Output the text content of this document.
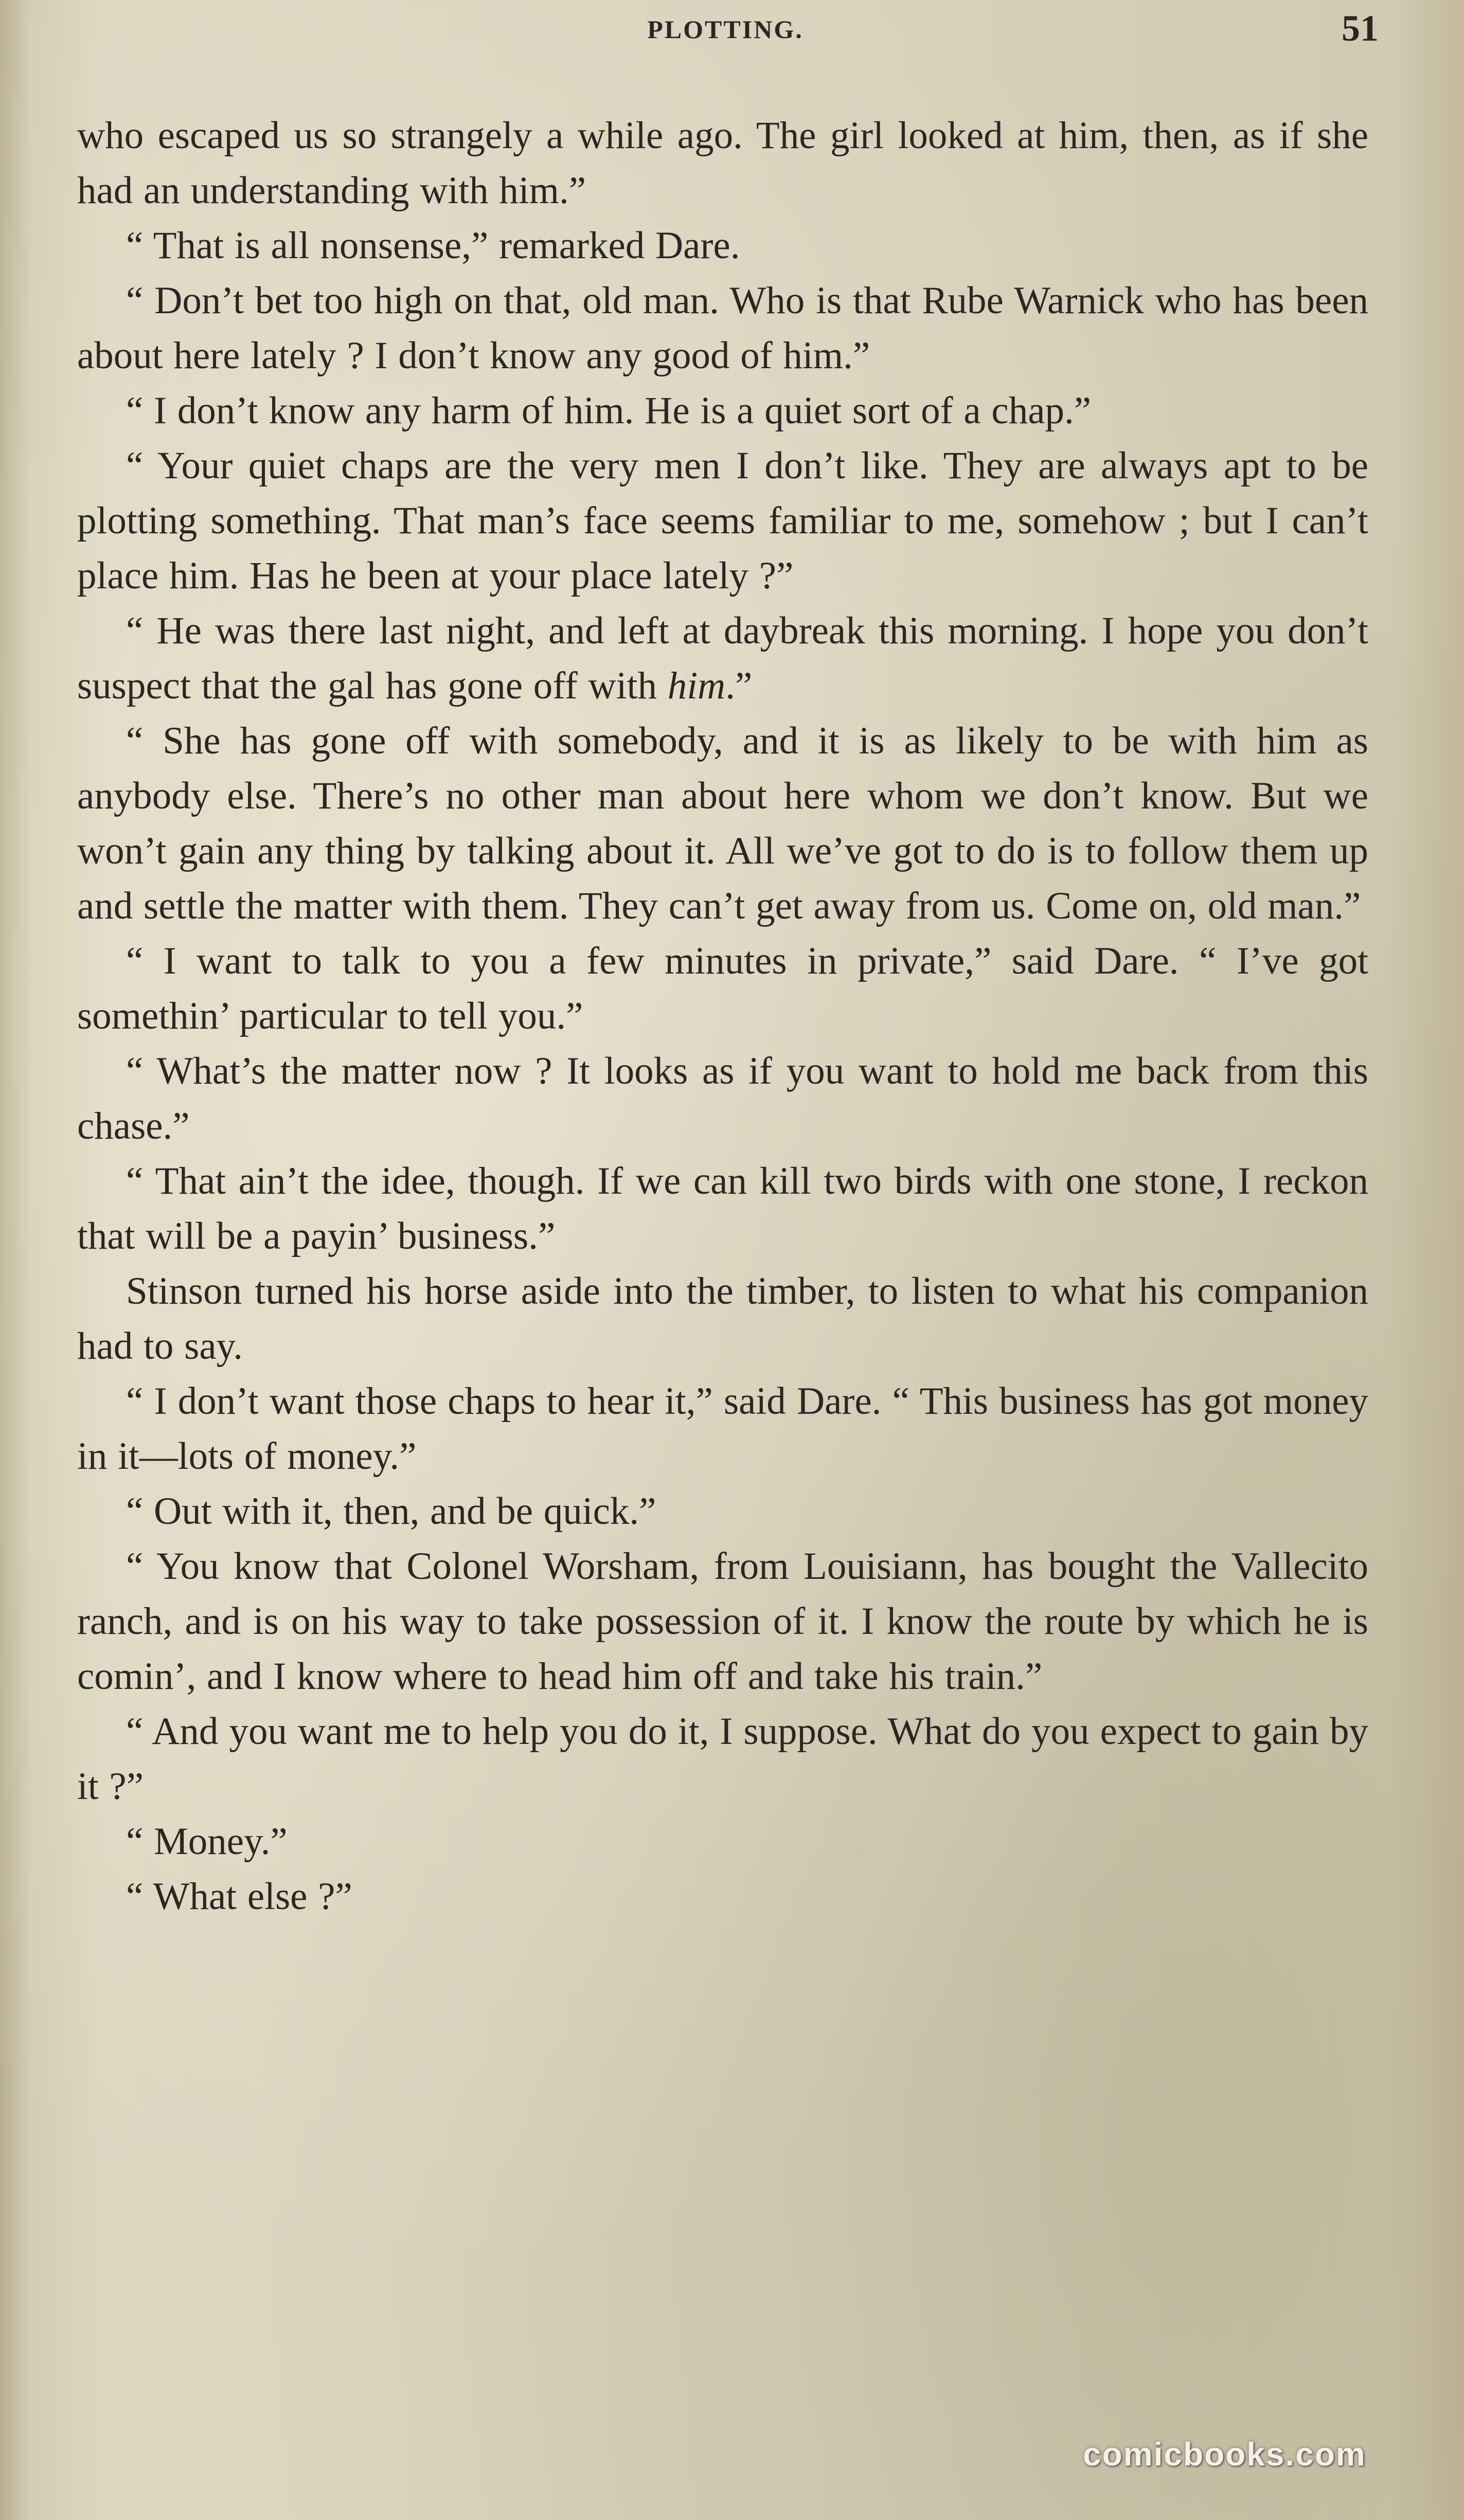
PLOTTING.	51

who escaped us so strangely a while ago. The girl looked at him, then, as if she had an understanding with him.”

“ That is all nonsense,” remarked Dare.

“ Don’t bet too high on that, old man. Who is that Rube Warnick who has been about here lately ? I don’t know any good of him.”

“ I don’t know any harm of him. He is a quiet sort of a chap.”

“ Your quiet chaps are the very men I don’t like. They are always apt to be plotting something. That man’s face seems familiar to me, somehow ; but I can’t place him. Has he been at your place lately ?”

“ He was there last night, and left at daybreak this morning. I hope you don’t suspect that the gal has gone off with him.”

“ She has gone off with somebody, and it is as likely to be with him as anybody else. There’s no other man about here whom we don’t know. But we won’t gain any thing by talking about it. All we’ve got to do is to follow them up and settle the matter with them. They can’t get away from us. Come on, old man.”

“ I want to talk to you a few minutes in private,” said Dare. “ I’ve got somethin’ particular to tell you.”

“ What’s the matter now ? It looks as if you want to hold me back from this chase.”

“ That ain’t the idee, though. If we can kill two birds with one stone, I reckon that will be a payin’ business.”

Stinson turned his horse aside into the timber, to listen to what his companion had to say.

“ I don’t want those chaps to hear it,” said Dare. “ This business has got money in it—lots of money.”

“ Out with it, then, and be quick.”

“ You know that Colonel Worsham, from Louisiann, has bought the Vallecito ranch, and is on his way to take possession of it. I know the route by which he is comin’, and I know where to head him off and take his train.”

“ And you want me to help you do it, I suppose. What do you expect to gain by it ?”

“ Money.”

“ What else ?”

comicbooks.com
